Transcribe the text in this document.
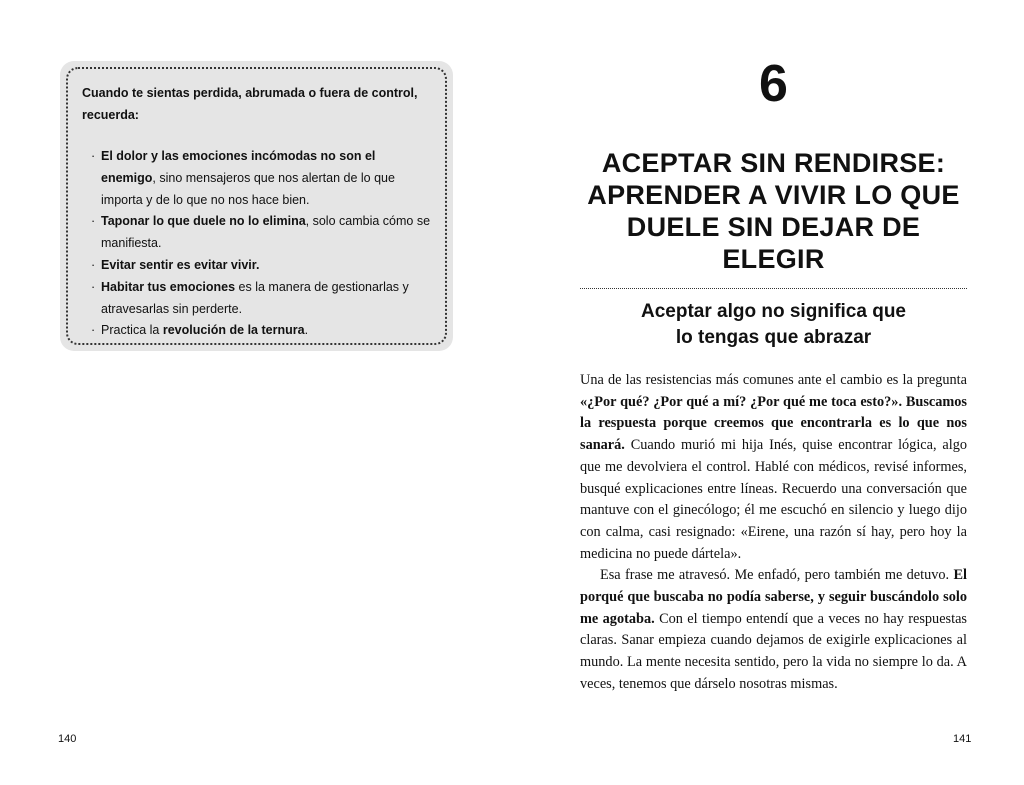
Cuando te sientas perdida, abrumada o fuera de control, recuerda:
· El dolor y las emociones incómodas no son el enemigo, sino mensajeros que nos alertan de lo que importa y de lo que no nos hace bien.
· Taponar lo que duele no lo elimina, solo cambia cómo se manifiesta.
· Evitar sentir es evitar vivir.
· Habitar tus emociones es la manera de gestionarlas y atravesarlas sin perderte.
· Practica la revolución de la ternura.
140
6
ACEPTAR SIN RENDIRSE: APRENDER A VIVIR LO QUE DUELE SIN DEJAR DE ELEGIR
Aceptar algo no significa que
lo tengas que abrazar

Una de las resistencias más comunes ante el cambio es la pregunta «¿Por qué? ¿Por qué a mí? ¿Por qué me toca esto?». Buscamos la respuesta porque creemos que encontrarla es lo que nos sanará. Cuando murió mi hija Inés, quise encontrar lógica, algo que me devolviera el control. Hablé con médicos, revisé informes, busqué explicaciones entre líneas. Recuerdo una conversación que mantuve con el ginecólogo; él me escuchó en silencio y luego dijo con calma, casi resignado: «Eirene, una razón sí hay, pero hoy la medicina no puede dártela».

Esa frase me atravesó. Me enfadó, pero también me detuvo. El porqué que buscaba no podía saberse, y seguir buscándolo solo me agotaba. Con el tiempo entendí que a veces no hay respuestas claras. Sanar empieza cuando dejamos de exigirle explicaciones al mundo. La mente necesita sentido, pero la vida no siempre lo da. A veces, tenemos que dárselo nosotras mismas.

141
